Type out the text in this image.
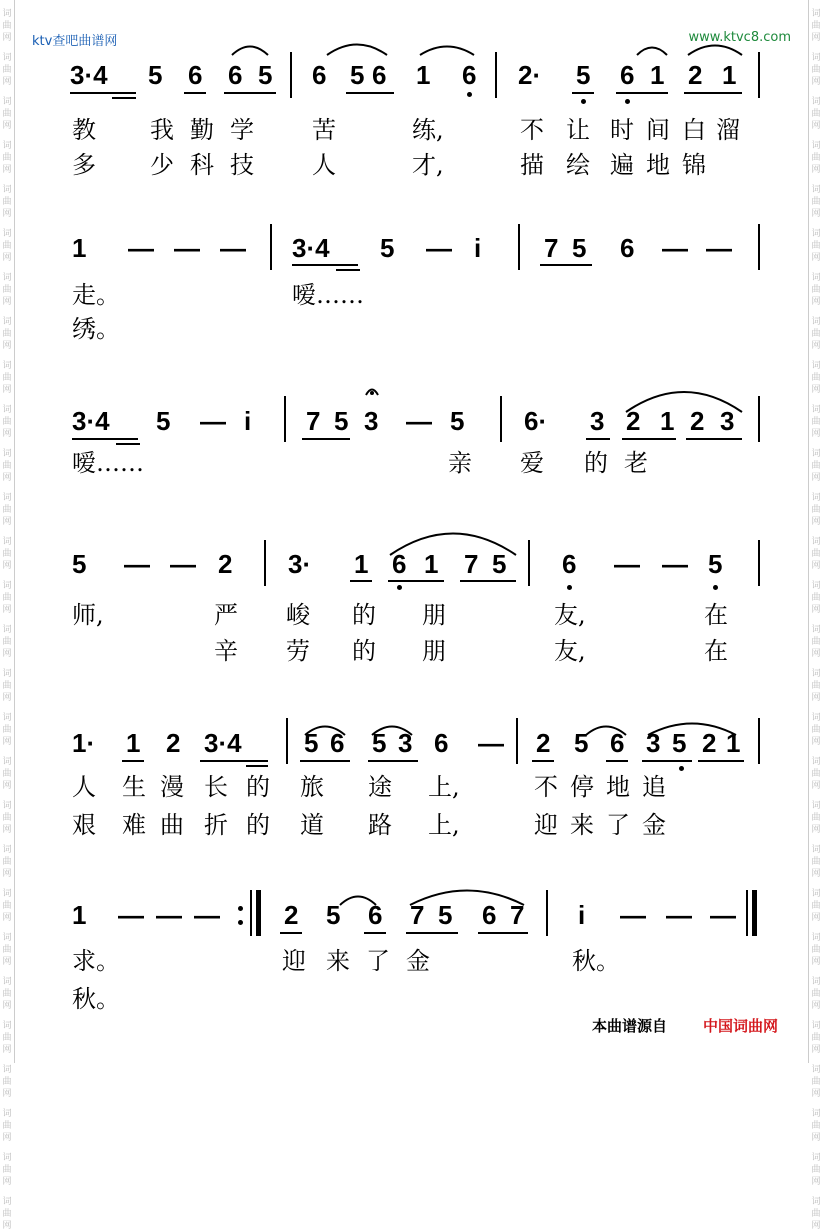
词
曲
网
词
曲
网
词
曲
网
词
曲
网
词
曲
网
词
曲
网
词
曲
网
词
曲
网
词
曲
网
词
曲
网
词
曲
网
词
曲
网
词
曲
网
词
曲
网
词
曲
网
词
曲
网
词
曲
网
词
曲
网
词
曲
网
词
曲
网
词
曲
网
词
曲
网
词
曲
网
词
曲
网
词
曲
网
词
曲
网
词
曲
网
词
曲
网
词
曲
网
词
曲
网
词
曲
网
词
曲
网
词
曲
网
词
曲
网
词
曲
网
词
曲
网
词
曲
网
词
曲
网
词
曲
网
词
曲
网
词
曲
网
词
曲
网
词
曲
网
词
曲
网
词
曲
网
词
曲
网
词
曲
网
词
曲
网
词
曲
网
词
曲
网
词
曲
网
词
曲
网
词
曲
网
词
曲
网
词
曲
网
词
曲
网
ktv查吧曲谱网	www.ktvc8.com
3·4 5 6 6 5 6 5 6 1 6 2· 5 6 1 2 1
教 我 勤 学 苦	练,	不 让 时 间 白 溜
多 少 科 技 人	才,	描 绘 遍 地 锦
1 — — — 3·4 5 — i 7 5 6 — —
走。	嗳……
绣。
3·4 5 — i 7 5 3 — 5 6· 3 2 1 2 3
嗳……	亲 爱 的 老
5 — — 2 3· 1 6 1 7 5 6 — — 5
师,	严 峻 的 朋	友,	在
辛 劳 的 朋	友,	在
1· 1 2 3·4 5 6 5 3 6 — 2 5 6 3 5 2 1
人 生 漫 长 的 旅 途 上,	不 停 地 追
艰 难 曲 折 的 道 路 上,	迎 来 了 金
1 — — — 2 5 6 7 5 6 7 i — — —
求。	迎 来 了 金	秋。
秋。
本曲谱源自 中国词曲网
